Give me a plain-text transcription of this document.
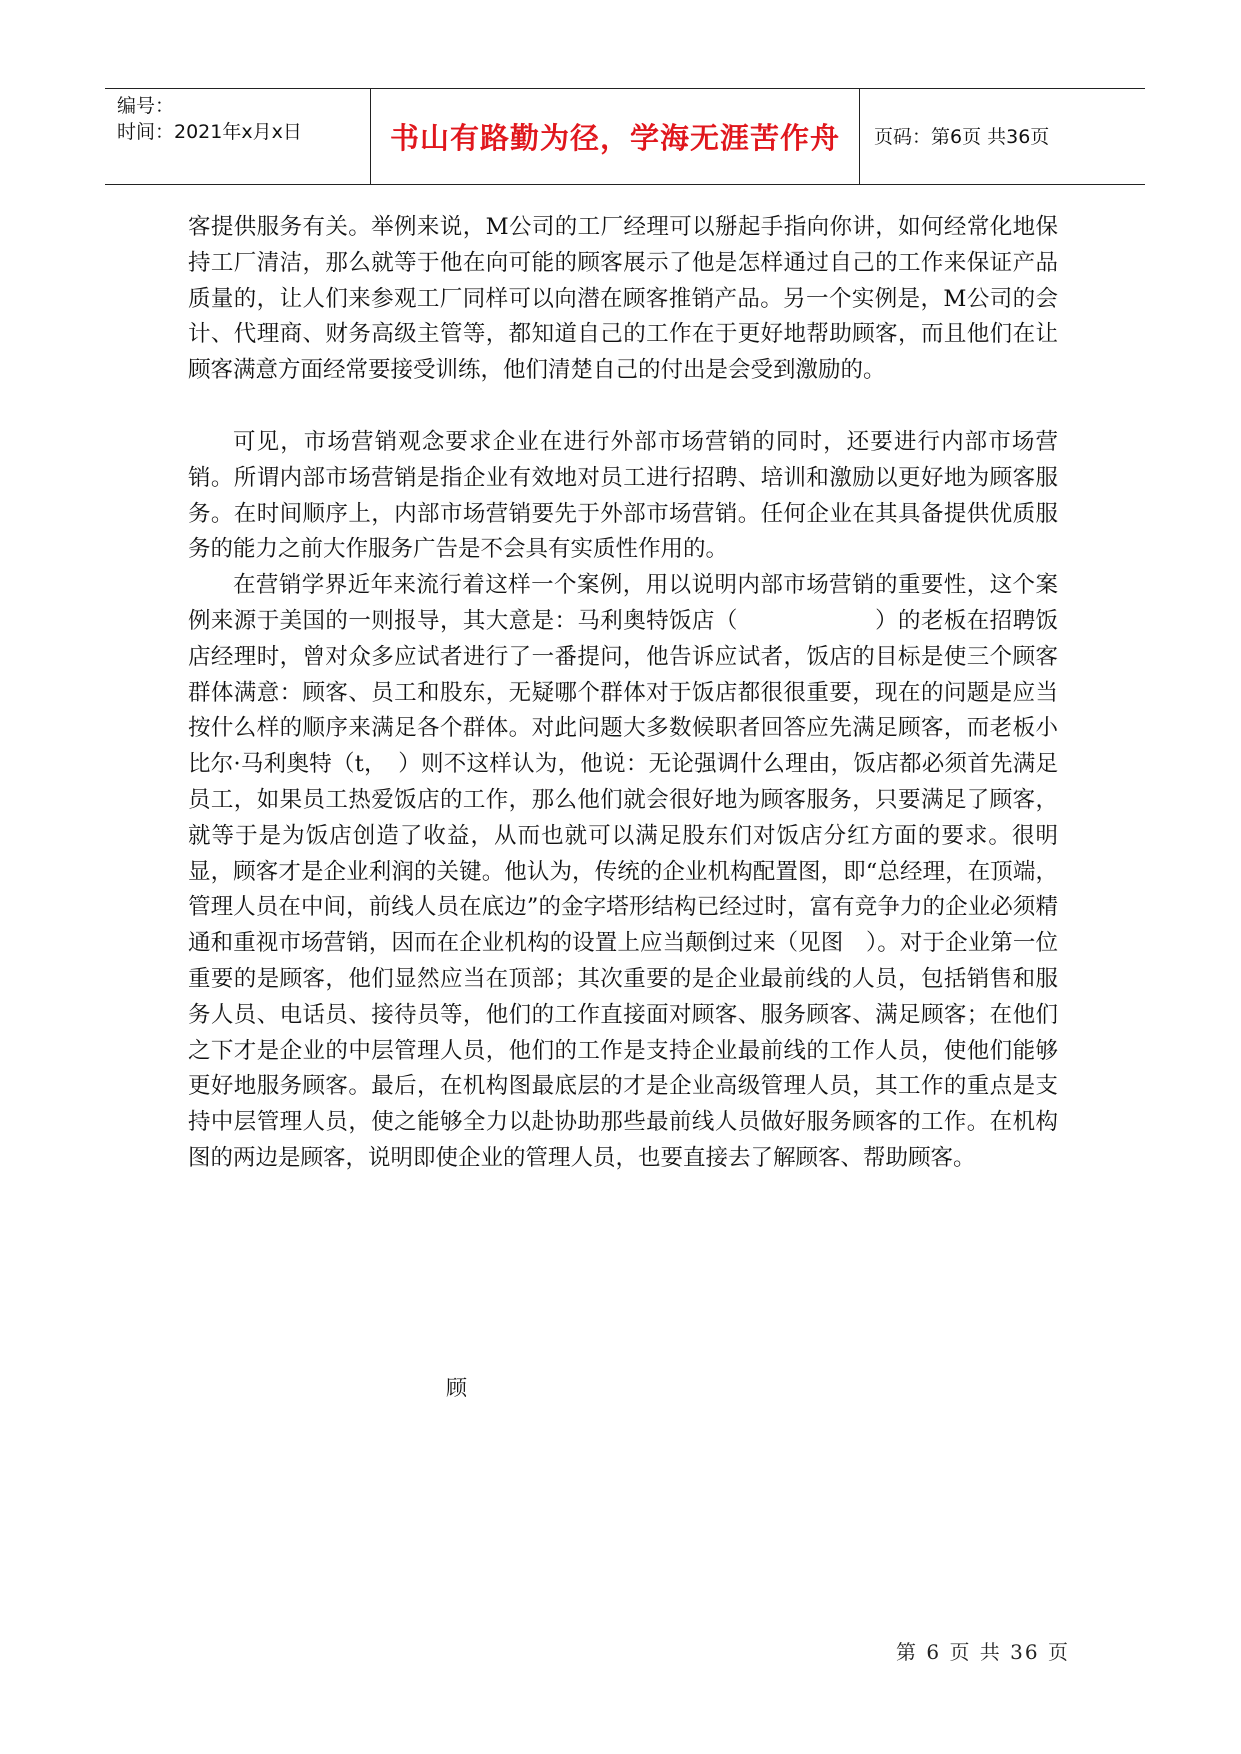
编号：
时间：2021年x月x日	书山有路勤为径，学海无涯苦作舟 页码：第6页 共36页

客提供服务有关。举例来说，M公司的工厂经理可以掰起手指向你讲，如何经常化地保持工厂清洁，那么就等于他在向可能的顾客展示了他是怎样通过自己的工作来保证产品质量的，让人们来参观工厂同样可以向潜在顾客推销产品。另一个实例是，M公司的会计、代理商、财务高级主管等，都知道自己的工作在于更好地帮助顾客，而且他们在让顾客满意方面经常要接受训练，他们清楚自己的付出是会受到激励的。

可见，市场营销观念要求企业在进行外部市场营销的同时，还要进行内部市场营销。所谓内部市场营销是指企业有效地对员工进行招聘、培训和激励以更好地为顾客服务。在时间顺序上，内部市场营销要先于外部市场营销。任何企业在其具备提供优质服务的能力之前大作服务广告是不会具有实质性作用的。

在营销学界近年来流行着这样一个案例，用以说明内部市场营销的重要性，这个案例来源于美国的一则报导，其大意是：马利奥特饭店（　　　　　　）的老板在招聘饭店经理时，曾对众多应试者进行了一番提问，他告诉应试者，饭店的目标是使三个顾客群体满意：顾客、员工和股东，无疑哪个群体对于饭店都很很重要，现在的问题是应当按什么样的顺序来满足各个群体。对此问题大多数候职者回答应先满足顾客，而老板小比尔·马利奥特（t，　）则不这样认为，他说：无论强调什么理由，饭店都必须首先满足员工，如果员工热爱饭店的工作，那么他们就会很好地为顾客服务，只要满足了顾客，就等于是为饭店创造了收益，从而也就可以满足股东们对饭店分红方面的要求。很明显，顾客才是企业利润的关键。他认为，传统的企业机构配置图，即“总经理，在顶端，管理人员在中间，前线人员在底边”的金字塔形结构已经过时，富有竞争力的企业必须精通和重视市场营销，因而在企业机构的设置上应当颠倒过来（见图　）。对于企业第一位重要的是顾客，他们显然应当在顶部；其次重要的是企业最前线的人员，包括销售和服务人员、电话员、接待员等，他们的工作直接面对顾客、服务顾客、满足顾客；在他们之下才是企业的中层管理人员，他们的工作是支持企业最前线的工作人员，使他们能够更好地服务顾客。最后，在机构图最底层的才是企业高级管理人员，其工作的重点是支持中层管理人员，使之能够全力以赴协助那些最前线人员做好服务顾客的工作。在机构图的两边是顾客，说明即使企业的管理人员，也要直接去了解顾客、帮助顾客。

顾
第 6 页 共 36 页
